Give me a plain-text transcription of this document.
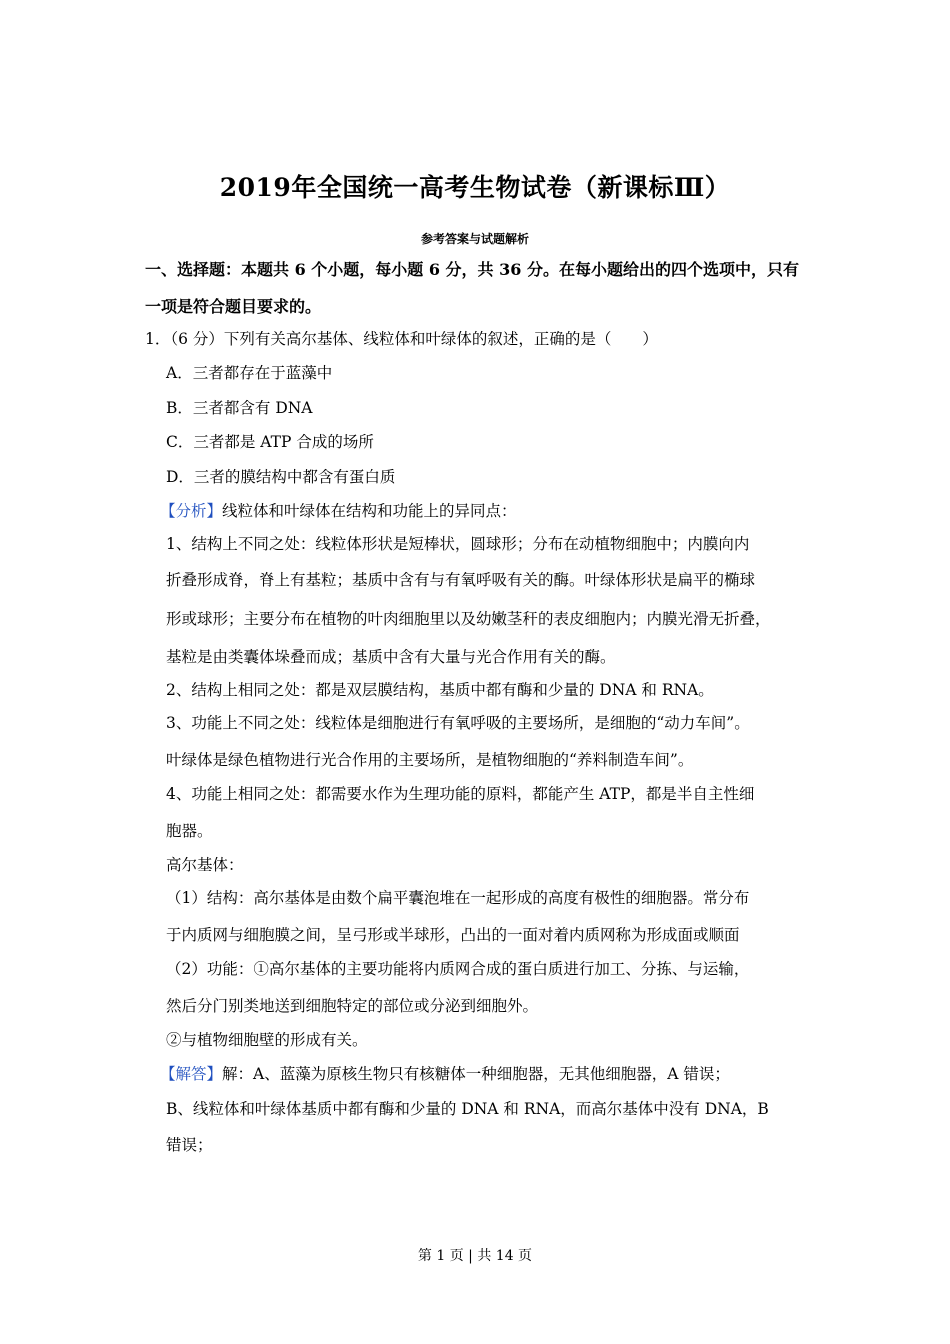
2019年全国统一高考生物试卷（新课标Ⅲ）
参考答案与试题解析
一、选择题：本题共 6 个小题，每小题 6 分，共 36 分。在每小题给出的四个选项中，只有
一项是符合题目要求的。
1．（6 分）下列有关高尔基体、线粒体和叶绿体的叙述，正确的是（　　）
A．三者都存在于蓝藻中
B．三者都含有 DNA
C．三者都是 ATP 合成的场所
D．三者的膜结构中都含有蛋白质
【分析】线粒体和叶绿体在结构和功能上的异同点：
1、结构上不同之处：线粒体形状是短棒状，圆球形；分布在动植物细胞中；内膜向内
折叠形成脊，脊上有基粒；基质中含有与有氧呼吸有关的酶。叶绿体形状是扁平的椭球
形或球形；主要分布在植物的叶肉细胞里以及幼嫩茎秆的表皮细胞内；内膜光滑无折叠，
基粒是由类囊体垛叠而成；基质中含有大量与光合作用有关的酶。
2、结构上相同之处：都是双层膜结构，基质中都有酶和少量的 DNA 和 RNA。
3、功能上不同之处：线粒体是细胞进行有氧呼吸的主要场所，是细胞的“动力车间”。
叶绿体是绿色植物进行光合作用的主要场所，是植物细胞的“养料制造车间”。
4、功能上相同之处：都需要水作为生理功能的原料，都能产生 ATP，都是半自主性细
胞器。
高尔基体：
（1）结构：高尔基体是由数个扁平囊泡堆在一起形成的高度有极性的细胞器。常分布
于内质网与细胞膜之间，呈弓形或半球形，凸出的一面对着内质网称为形成面或顺面
（2）功能：①高尔基体的主要功能将内质网合成的蛋白质进行加工、分拣、与运输，
然后分门别类地送到细胞特定的部位或分泌到细胞外。
②与植物细胞壁的形成有关。
【解答】解：A、蓝藻为原核生物只有核糖体一种细胞器，无其他细胞器，A 错误；
B、线粒体和叶绿体基质中都有酶和少量的 DNA 和 RNA，而高尔基体中没有 DNA，B
错误；
第 1 页 | 共 14 页
